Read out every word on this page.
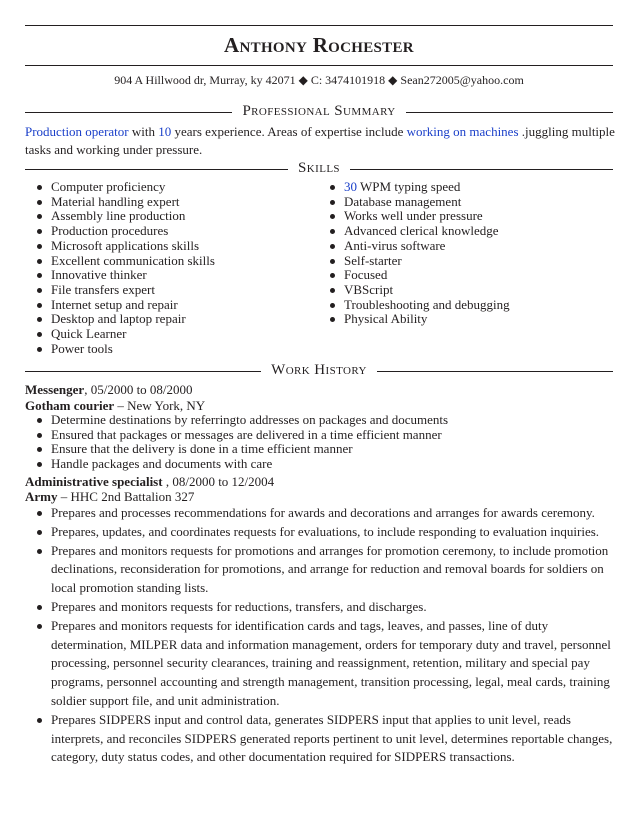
Anthony Rochester
904 A Hillwood dr, Murray, ky 42071 ◆ C: 3474101918 ◆ Sean272005@yahoo.com
Professional Summary
Production operator with 10 years experience. Areas of expertise include working on machines .juggling multiple tasks and working under pressure.
Skills
Computer proficiency
Material handling expert
Assembly line production
Production procedures
Microsoft applications skills
Excellent communication skills
Innovative thinker
File transfers expert
Internet setup and repair
Desktop and laptop repair
Quick Learner
Power tools
30 WPM typing speed
Database management
Works well under pressure
Advanced clerical knowledge
Anti-virus software
Self-starter
Focused
VBScript
Troubleshooting and debugging
Physical Ability
Work History
Messenger, 05/2000 to 08/2000
Gotham courier – New York, NY
Determine destinations by referringto addresses on packages and documents
Ensured that packages or messages are delivered in a time efficient manner
Ensure that the delivery is done in a time efficient manner
Handle packages and documents with care
Administrative specialist , 08/2000 to 12/2004
Army – HHC 2nd Battalion 327
Prepares and processes recommendations for awards and decorations and arranges for awards ceremony.
Prepares, updates, and coordinates requests for evaluations, to include responding to evaluation inquiries.
Prepares and monitors requests for promotions and arranges for promotion ceremony, to include promotion declinations, reconsideration for promotions, and arrange for reduction and removal boards for soldiers on local promotion standing lists.
Prepares and monitors requests for reductions, transfers, and discharges.
Prepares and monitors requests for identification cards and tags, leaves, and passes, line of duty determination, MILPER data and information management, orders for temporary duty and travel, personnel processing, personnel security clearances, training and reassignment, retention, military and special pay programs, personnel accounting and strength management, transition processing, legal, meal cards, training soldier support file, and unit administration.
Prepares SIDPERS input and control data, generates SIDPERS input that applies to unit level, reads interprets, and reconciles SIDPERS generated reports pertinent to unit level, determines reportable changes, category, duty status codes, and other documentation required for SIDPERS transactions.
